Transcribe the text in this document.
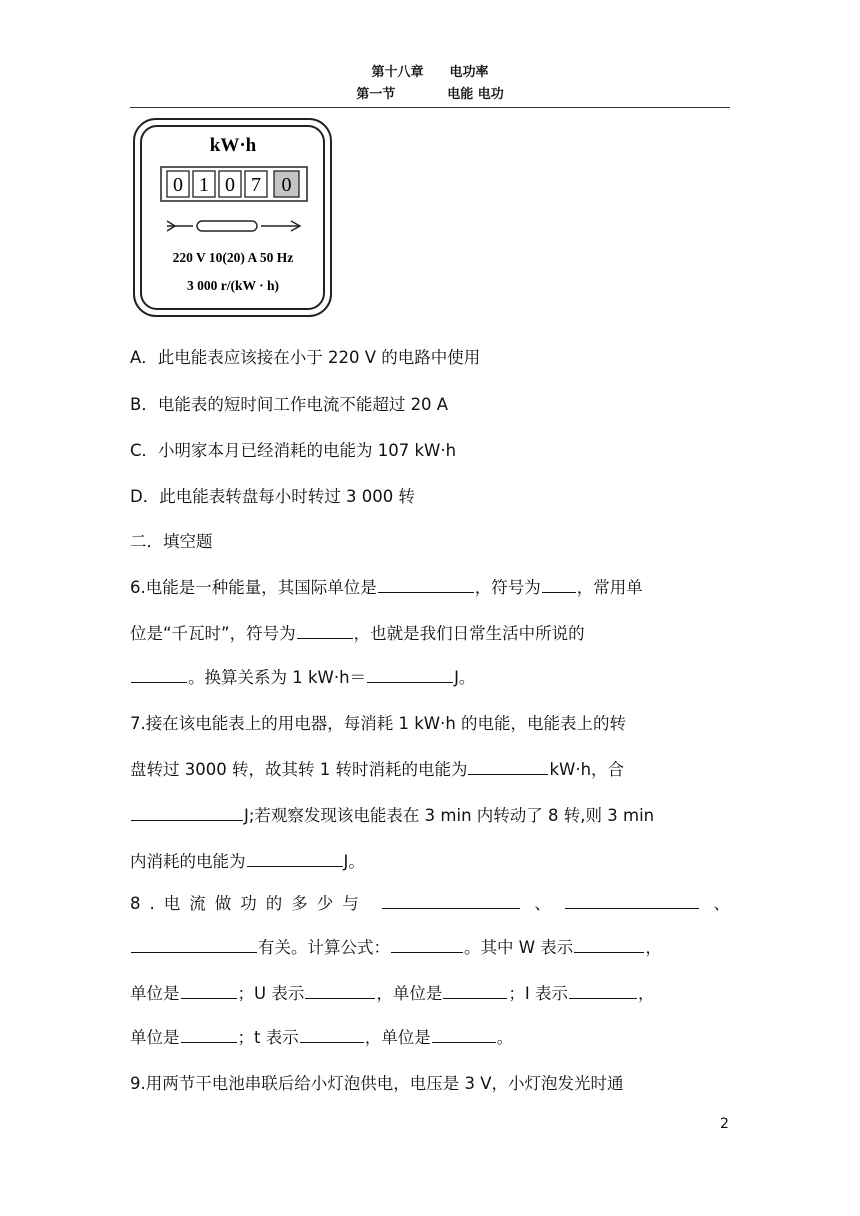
第十八章 电功率
第一节	电能 电功
kW·h
0 1 0 7 0
220 V 10(20) A 50 Hz
3 000 r/(kW · h)
A．此电能表应该接在小于 220 V 的电路中使用
B．电能表的短时间工作电流不能超过 20 A
C．小明家本月已经消耗的电能为 107 kW·h
D．此电能表转盘每小时转过 3 000 转
二．填空题
6.电能是一种能量，其国际单位是	，符号为 ，常用单
位是“千瓦时”，符号为	，也就是我们日常生活中所说的
。换算关系为 1 kW·h＝	J。
7.接在该电能表上的用电器，每消耗 1 kW·h 的电能，电能表上的转
盘转过 3000 转，故其转 1 转时消耗的电能为	kW·h，合
J;若观察发现该电能表在 3 min 内转动了 8 转,则 3 min
内消耗的电能为	J。
8.电流做功的多少与	、	、
有关。计算公式：	。其中 W 表示	，
单位是	；U 表示	，单位是	；I 表示	，
单位是	；t 表示	，单位是	。
9.用两节干电池串联后给小灯泡供电，电压是 3 V，小灯泡发光时通
2
